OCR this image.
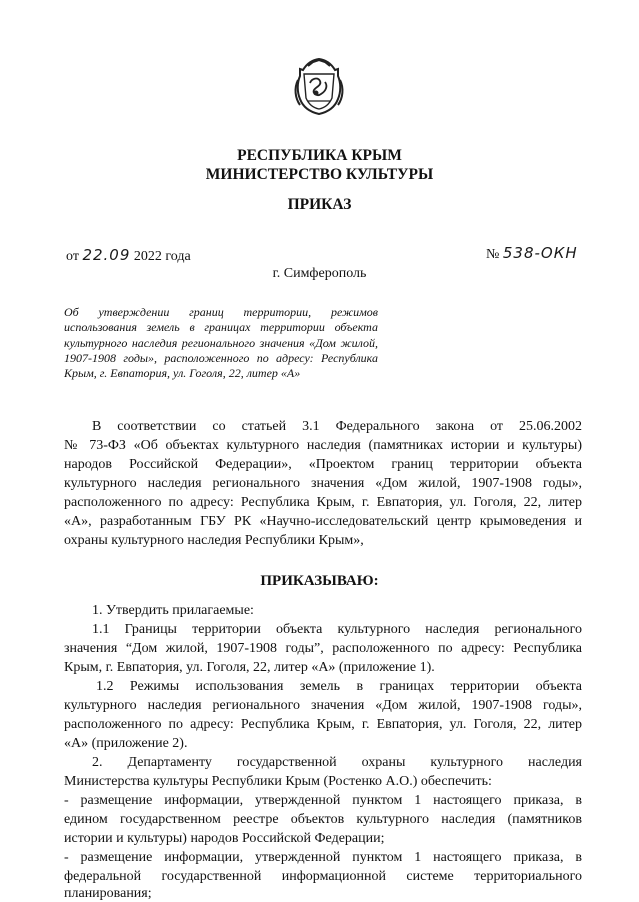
РЕСПУБЛИКА КРЫМ
МИНИСТЕРСТВО КУЛЬТУРЫ
ПРИКАЗ
от 22.09 2022 года	№ 538-ОКН
г. Симферополь
Об утверждении границ территории, режимов использования земель в границах территории объекта культурного наследия регионального значения «Дом жилой, 1907-1908 годы», расположенного по адресу: Республика Крым, г. Евпатория, ул. Гоголя, 22, литер «А»
В соответствии со статьей 3.1 Федерального закона от 25.06.2002
№ 73-ФЗ «Об объектах культурного наследия (памятниках истории и культуры)
народов Российской Федерации», «Проектом границ территории объекта
культурного наследия регионального значения «Дом жилой, 1907-1908 годы»,
расположенного по адресу: Республика Крым, г. Евпатория, ул. Гоголя, 22, литер
«А», разработанным ГБУ РК «Научно-исследовательский центр крымоведения и
охраны культурного наследия Республики Крым»,
ПРИКАЗЫВАЮ:
1. Утвердить прилагаемые:
1.1 Границы территории объекта культурного наследия регионального
значения “Дом жилой, 1907-1908 годы”, расположенного по адресу: Республика
Крым, г. Евпатория, ул. Гоголя, 22, литер «А» (приложение 1).
1.2 Режимы использования земель в границах территории объекта
культурного наследия регионального значения «Дом жилой, 1907-1908 годы»,
расположенного по адресу: Республика Крым, г. Евпатория, ул. Гоголя, 22, литер
«А» (приложение 2).
2. Департаменту государственной охраны культурного наследия
Министерства культуры Республики Крым (Ростенко А.О.) обеспечить:
- размещение информации, утвержденной пунктом 1 настоящего приказа, в
едином государственном реестре объектов культурного наследия (памятников
истории и культуры) народов Российской Федерации;
- размещение информации, утвержденной пунктом 1 настоящего приказа, в
федеральной государственной информационной системе территориального
планирования;
